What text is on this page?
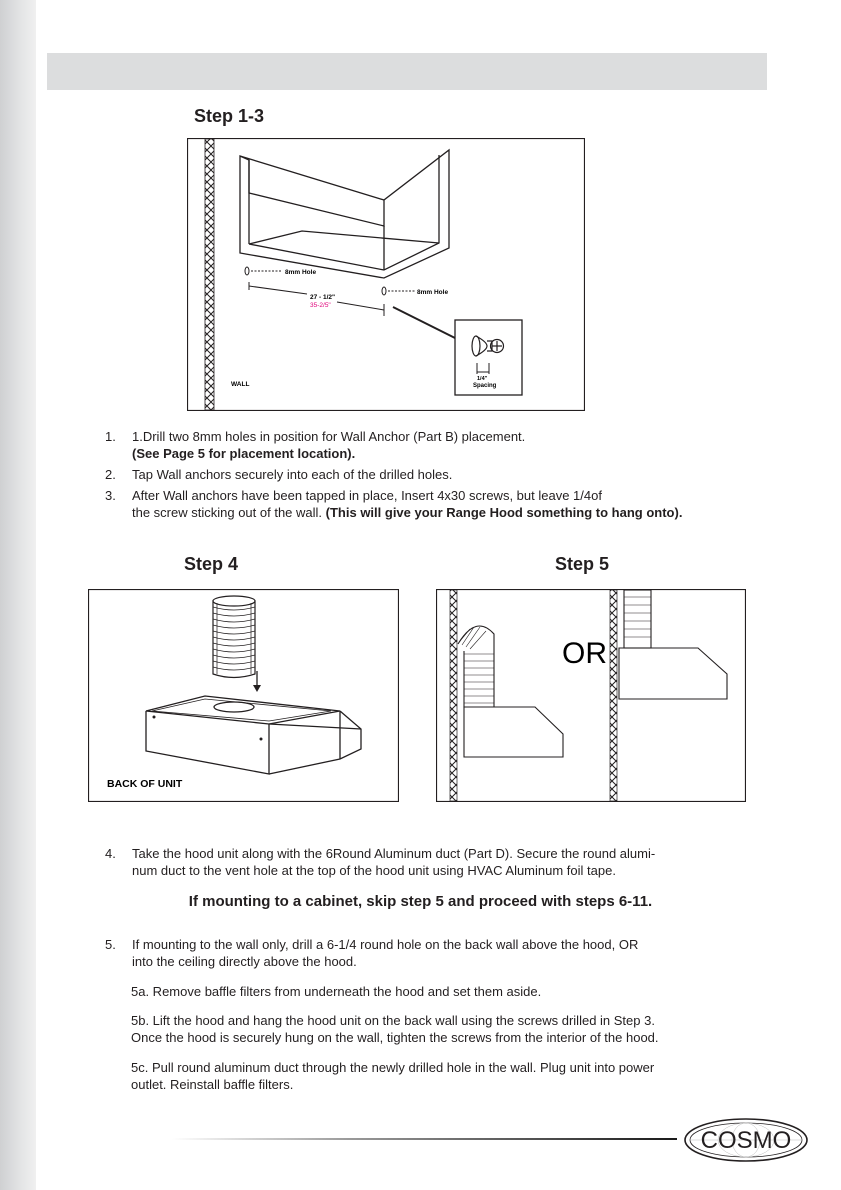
Step 1-3
8mm Hole
8mm Hole
27 - 1/2"
35-2/5"
1/4"
Spacing
WALL
1. 1.Drill two 8mm holes in position for Wall Anchor (Part B) placement.
(See Page 5 for placement location).
2. Tap Wall anchors securely into each of the drilled holes.
3. After Wall anchors have been tapped in place, Insert 4x30 screws, but leave 1/4of
the screw sticking out of the wall. (This will give your Range Hood something to hang onto).
Step 4
BACK OF UNIT
Step 5
OR
4. Take the hood unit along with the 6Round Aluminum duct (Part D). Secure the round alumi-
num duct to the vent hole at the top of the hood unit using HVAC Aluminum foil tape.
If mounting to a cabinet, skip step 5 and proceed with steps 6-11.
5. If mounting to the wall only, drill a 6-1/4 round hole on the back wall above the hood, OR
into the ceiling directly above the hood.

5a. Remove baffle filters from underneath the hood and set them aside.

5b. Lift the hood and hang the hood unit on the back wall using the screws drilled in Step 3.
Once the hood is securely hung on the wall, tighten the screws from the interior of the hood.

5c. Pull round aluminum duct through the newly drilled hole in the wall. Plug unit into power
outlet. Reinstall baffle filters.

COSMO
